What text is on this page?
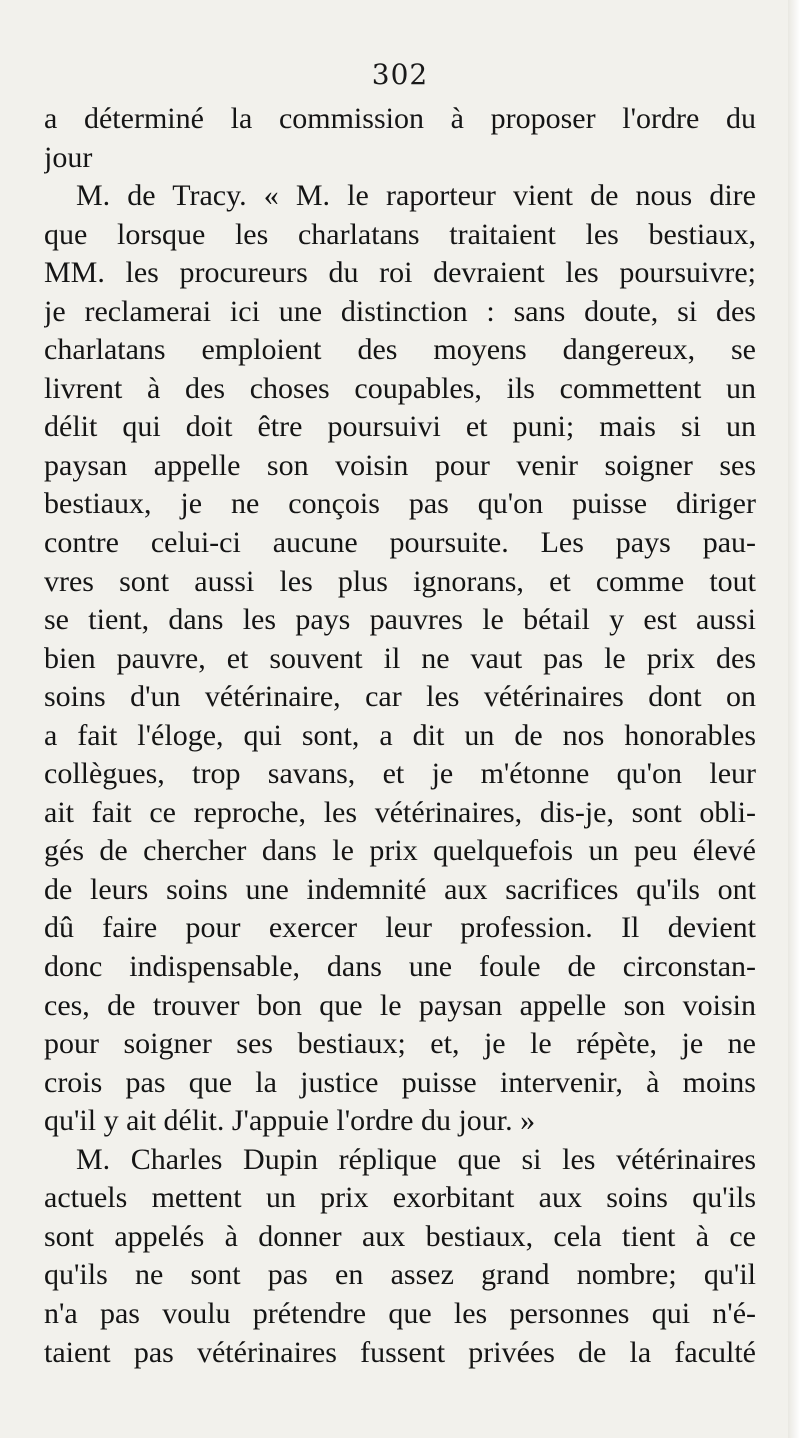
302
a déterminé la commission à proposer l'ordre du
jour
M. de Tracy. « M. le raporteur vient de nous dire
que lorsque les charlatans traitaient les bestiaux,
MM. les procureurs du roi devraient les poursuivre;
je reclamerai ici une distinction : sans doute, si des
charlatans emploient des moyens dangereux, se
livrent à des choses coupables, ils commettent un
délit qui doit être poursuivi et puni; mais si un
paysan appelle son voisin pour venir soigner ses
bestiaux, je ne conçois pas qu'on puisse diriger
contre celui-ci aucune poursuite. Les pays pau-
vres sont aussi les plus ignorans, et comme tout
se tient, dans les pays pauvres le bétail y est aussi
bien pauvre, et souvent il ne vaut pas le prix des
soins d'un vétérinaire, car les vétérinaires dont on
a fait l'éloge, qui sont, a dit un de nos honorables
collègues, trop savans, et je m'étonne qu'on leur
ait fait ce reproche, les vétérinaires, dis-je, sont obli-
gés de chercher dans le prix quelquefois un peu élevé
de leurs soins une indemnité aux sacrifices qu'ils ont
dû faire pour exercer leur profession. Il devient
donc indispensable, dans une foule de circonstan-
ces, de trouver bon que le paysan appelle son voisin
pour soigner ses bestiaux; et, je le répète, je ne
crois pas que la justice puisse intervenir, à moins
qu'il y ait délit. J'appuie l'ordre du jour. »
M. Charles Dupin réplique que si les vétérinaires
actuels mettent un prix exorbitant aux soins qu'ils
sont appelés à donner aux bestiaux, cela tient à ce
qu'ils ne sont pas en assez grand nombre; qu'il
n'a pas voulu prétendre que les personnes qui n'é-
taient pas vétérinaires fussent privées de la faculté
